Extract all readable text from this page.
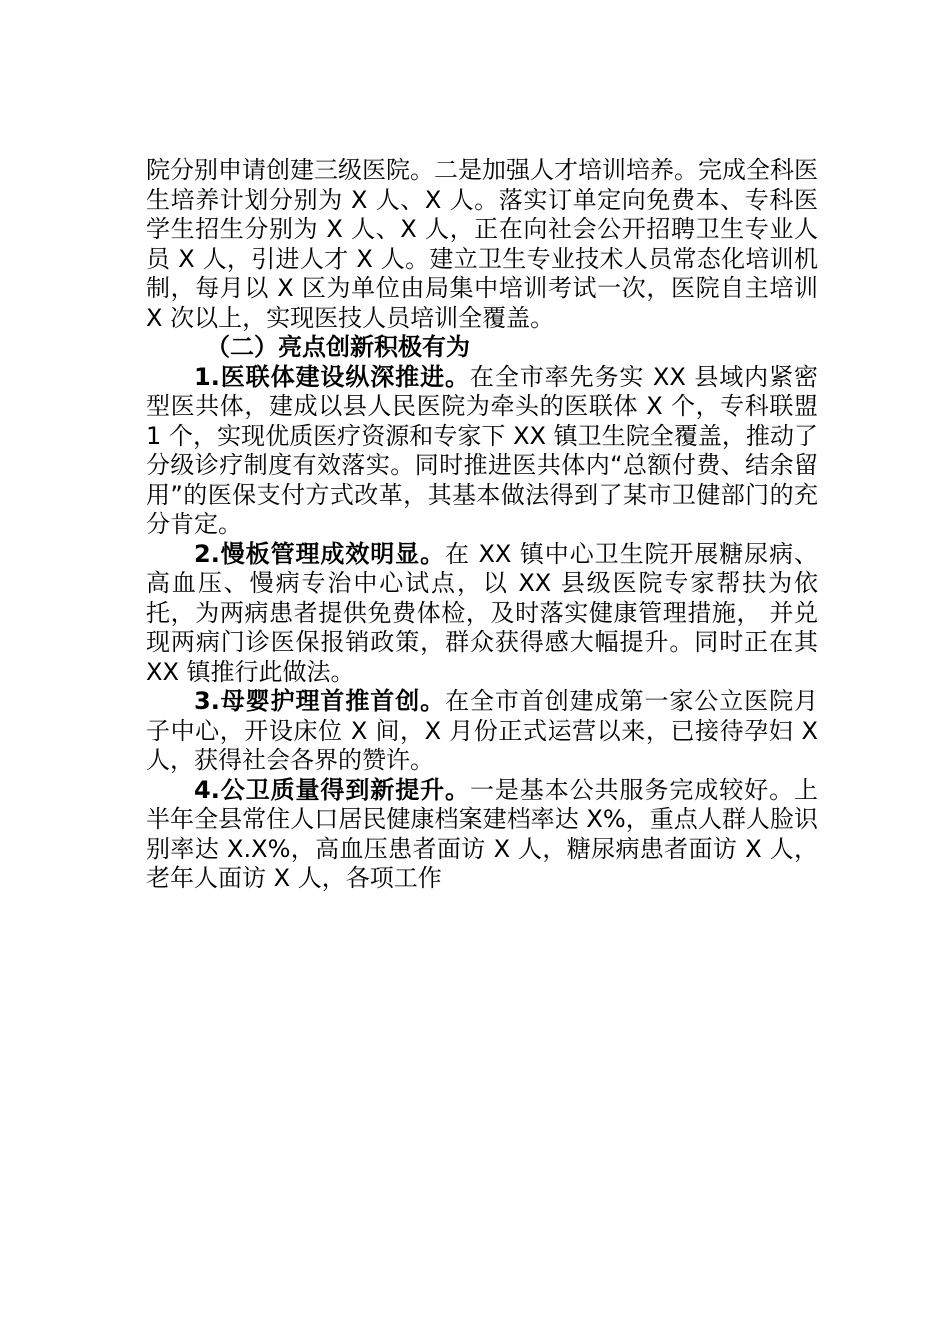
院分别申请创建三级医院。二是加强人才培训培养。完成全科医生培养计划分别为 X 人、X 人。落实订单定向免费本、专科医学生招生分别为 X 人、X 人，正在向社会公开招聘卫生专业人员 X 人，引进人才 X 人。建立卫生专业技术人员常态化培训机制，每月以 X 区为单位由局集中培训考试一次，医院自主培训 X 次以上，实现医技人员培训全覆盖。

（二）亮点创新积极有为

1.医联体建设纵深推进。在全市率先务实 XX 县域内紧密型医共体，建成以县人民医院为牵头的医联体 X 个，专科联盟 1 个，实现优质医疗资源和专家下 XX 镇卫生院全覆盖，推动了分级诊疗制度有效落实。同时推进医共体内“总额付费、结余留用”的医保支付方式改革，其基本做法得到了某市卫健部门的充分肯定。

2.慢板管理成效明显。在 XX 镇中心卫生院开展糖尿病、高血压、慢病专治中心试点，以 XX 县级医院专家帮扶为依托，为两病患者提供免费体检，及时落实健康管理措施， 并兑现两病门诊医保报销政策，群众获得感大幅提升。同时正在其 XX 镇推行此做法。

3.母婴护理首推首创。在全市首创建成第一家公立医院月子中心，开设床位 X 间，X 月份正式运营以来，已接待孕妇 X 人，获得社会各界的赞许。

4.公卫质量得到新提升。一是基本公共服务完成较好。上半年全县常住人口居民健康档案建档率达 X%，重点人群人脸识别率达 X.X%，高血压患者面访 X 人，糖尿病患者面访 X 人，老年人面访 X 人，各项工作
